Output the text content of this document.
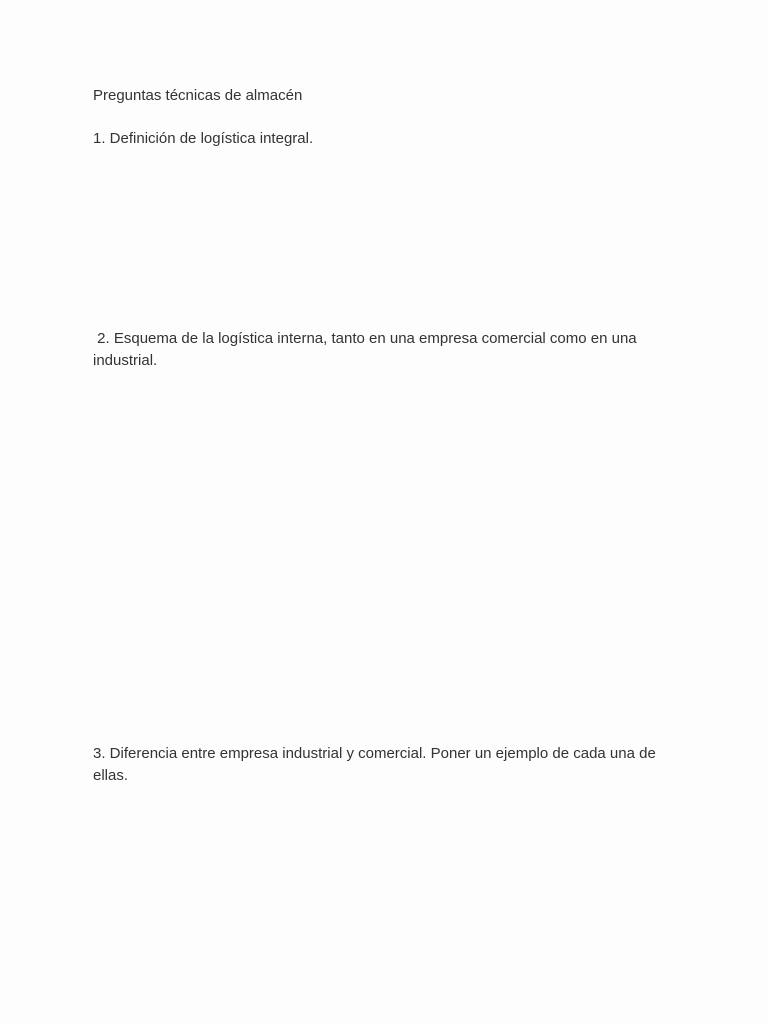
Preguntas técnicas de almacén

1. Definición de logística integral.

2. Esquema de la logística interna, tanto en una empresa comercial como en una industrial.

3. Diferencia entre empresa industrial y comercial. Poner un ejemplo de cada una de ellas.
